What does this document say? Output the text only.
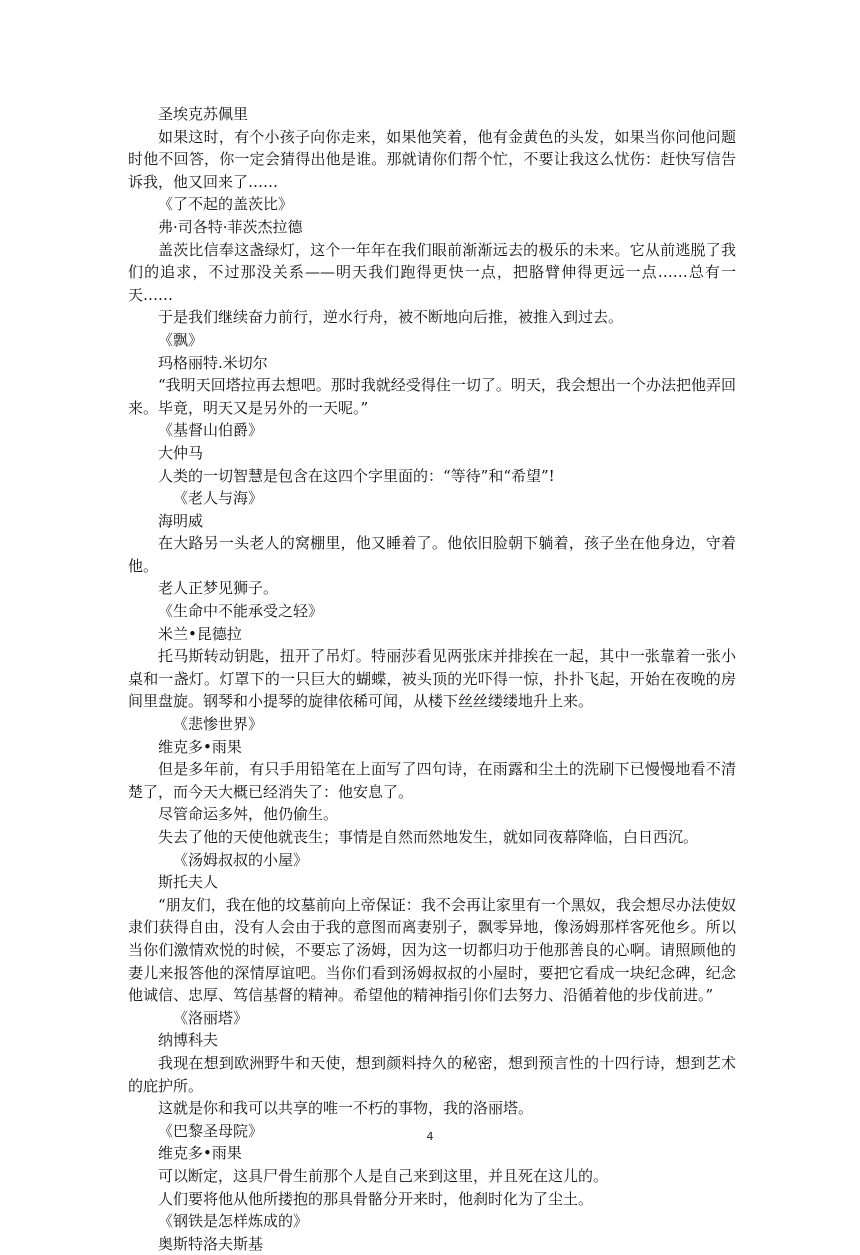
圣埃克苏佩里

如果这时，有个小孩子向你走来，如果他笑着，他有金黄色的头发，如果当你问他问题时他不回答，你一定会猜得出他是谁。那就请你们帮个忙，不要让我这么忧伤：赶快写信告诉我，他又回来了……

《了不起的盖茨比》

弗·司各特·菲茨杰拉德

盖茨比信奉这盏绿灯，这个一年年在我们眼前渐渐远去的极乐的未来。它从前逃脱了我们的追求，不过那没关系——明天我们跑得更快一点，把胳臂伸得更远一点……总有一天……

于是我们继续奋力前行，逆水行舟，被不断地向后推，被推入到过去。

《飘》

玛格丽特.米切尔

“我明天回塔拉再去想吧。那时我就经受得住一切了。明天，我会想出一个办法把他弄回来。毕竟，明天又是另外的一天呢。”

《基督山伯爵》

大仲马

人类的一切智慧是包含在这四个字里面的：“等待”和“希望”!

《老人与海》

海明威

在大路另一头老人的窝棚里，他又睡着了。他依旧脸朝下躺着，孩子坐在他身边，守着他。

老人正梦见狮子。

《生命中不能承受之轻》

米兰•昆德拉

托马斯转动钥匙，扭开了吊灯。特丽莎看见两张床并排挨在一起，其中一张靠着一张小桌和一盏灯。灯罩下的一只巨大的蝴蝶，被头顶的光吓得一惊，扑扑飞起，开始在夜晚的房间里盘旋。钢琴和小提琴的旋律依稀可闻，从楼下丝丝缕缕地升上来。

《悲惨世界》

维克多•雨果

但是多年前，有只手用铅笔在上面写了四句诗，在雨露和尘土的洗刷下已慢慢地看不清楚了，而今天大概已经消失了：他安息了。

尽管命运多舛，他仍偷生。

失去了他的天使他就丧生；事情是自然而然地发生，就如同夜幕降临，白日西沉。

《汤姆叔叔的小屋》

斯托夫人

“朋友们，我在他的坟墓前向上帝保证：我不会再让家里有一个黑奴，我会想尽办法使奴隶们获得自由，没有人会由于我的意图而离妻别子，飘零异地，像汤姆那样客死他乡。所以当你们激情欢悦的时候，不要忘了汤姆，因为这一切都归功于他那善良的心啊。请照顾他的妻儿来报答他的深情厚谊吧。当你们看到汤姆叔叔的小屋时，要把它看成一块纪念碑，纪念他诚信、忠厚、笃信基督的精神。希望他的精神指引你们去努力、沿循着他的步伐前进。”

《洛丽塔》

纳博科夫

我现在想到欧洲野牛和天使，想到颜料持久的秘密，想到预言性的十四行诗，想到艺术的庇护所。

这就是你和我可以共享的唯一不朽的事物，我的洛丽塔。

《巴黎圣母院》

维克多•雨果

可以断定，这具尸骨生前那个人是自己来到这里，并且死在这儿的。

人们要将他从他所搂抱的那具骨骼分开来时，他刹时化为了尘土。

《钢铁是怎样炼成的》

奥斯特洛夫斯基

4
